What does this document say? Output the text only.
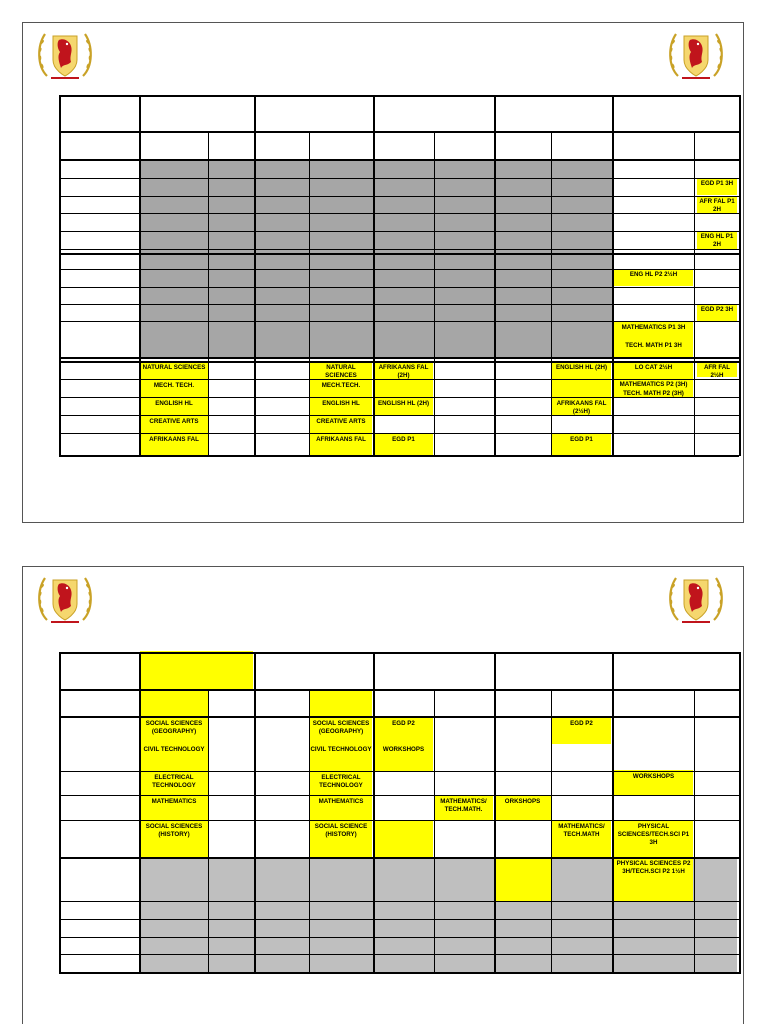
EGD P1 3H
AFR FAL P1 2H
ENG HL P1 2H
ENG HL P2 2½H
EGD P2 3H
MATHEMATICS P1 3H
TECH. MATH P1 3H
NATURAL SCIENCES
MECH. TECH.
ENGLISH HL
CREATIVE ARTS
AFRIKAANS FAL
NATURAL SCIENCES
MECH.TECH.
ENGLISH HL
CREATIVE ARTS
AFRIKAANS FAL
AFRIKAANS FAL (2H)
ENGLISH HL (2H)
EGD P1
ENGLISH HL (2H)
AFRIKAANS FAL (2½H)
EGD P1
LO CAT 2½H
MATHEMATICS P2 (3H)
TECH. MATH P2 (3H)
AFR FAL 2½H
SOCIAL SCIENCES (GEOGRAPHY)
CIVIL TECHNOLOGY
ELECTRICAL TECHNOLOGY
MATHEMATICS
SOCIAL SCIENCES (HISTORY)
SOCIAL SCIENCES (GEOGRAPHY)
CIVIL TECHNOLOGY
ELECTRICAL TECHNOLOGY
MATHEMATICS
SOCIAL SCIENCE (HISTORY)
EGD P2
WORKSHOPS
MATHEMATICS/ TECH.MATH.
ORKSHOPS
EGD P2
MATHEMATICS/ TECH.MATH
WORKSHOPS
PHYSICAL SCIENCES/TECH.SCI P1 3H
PHYSICAL SCIENCES P2 3H/TECH.SCI P2 1½H
